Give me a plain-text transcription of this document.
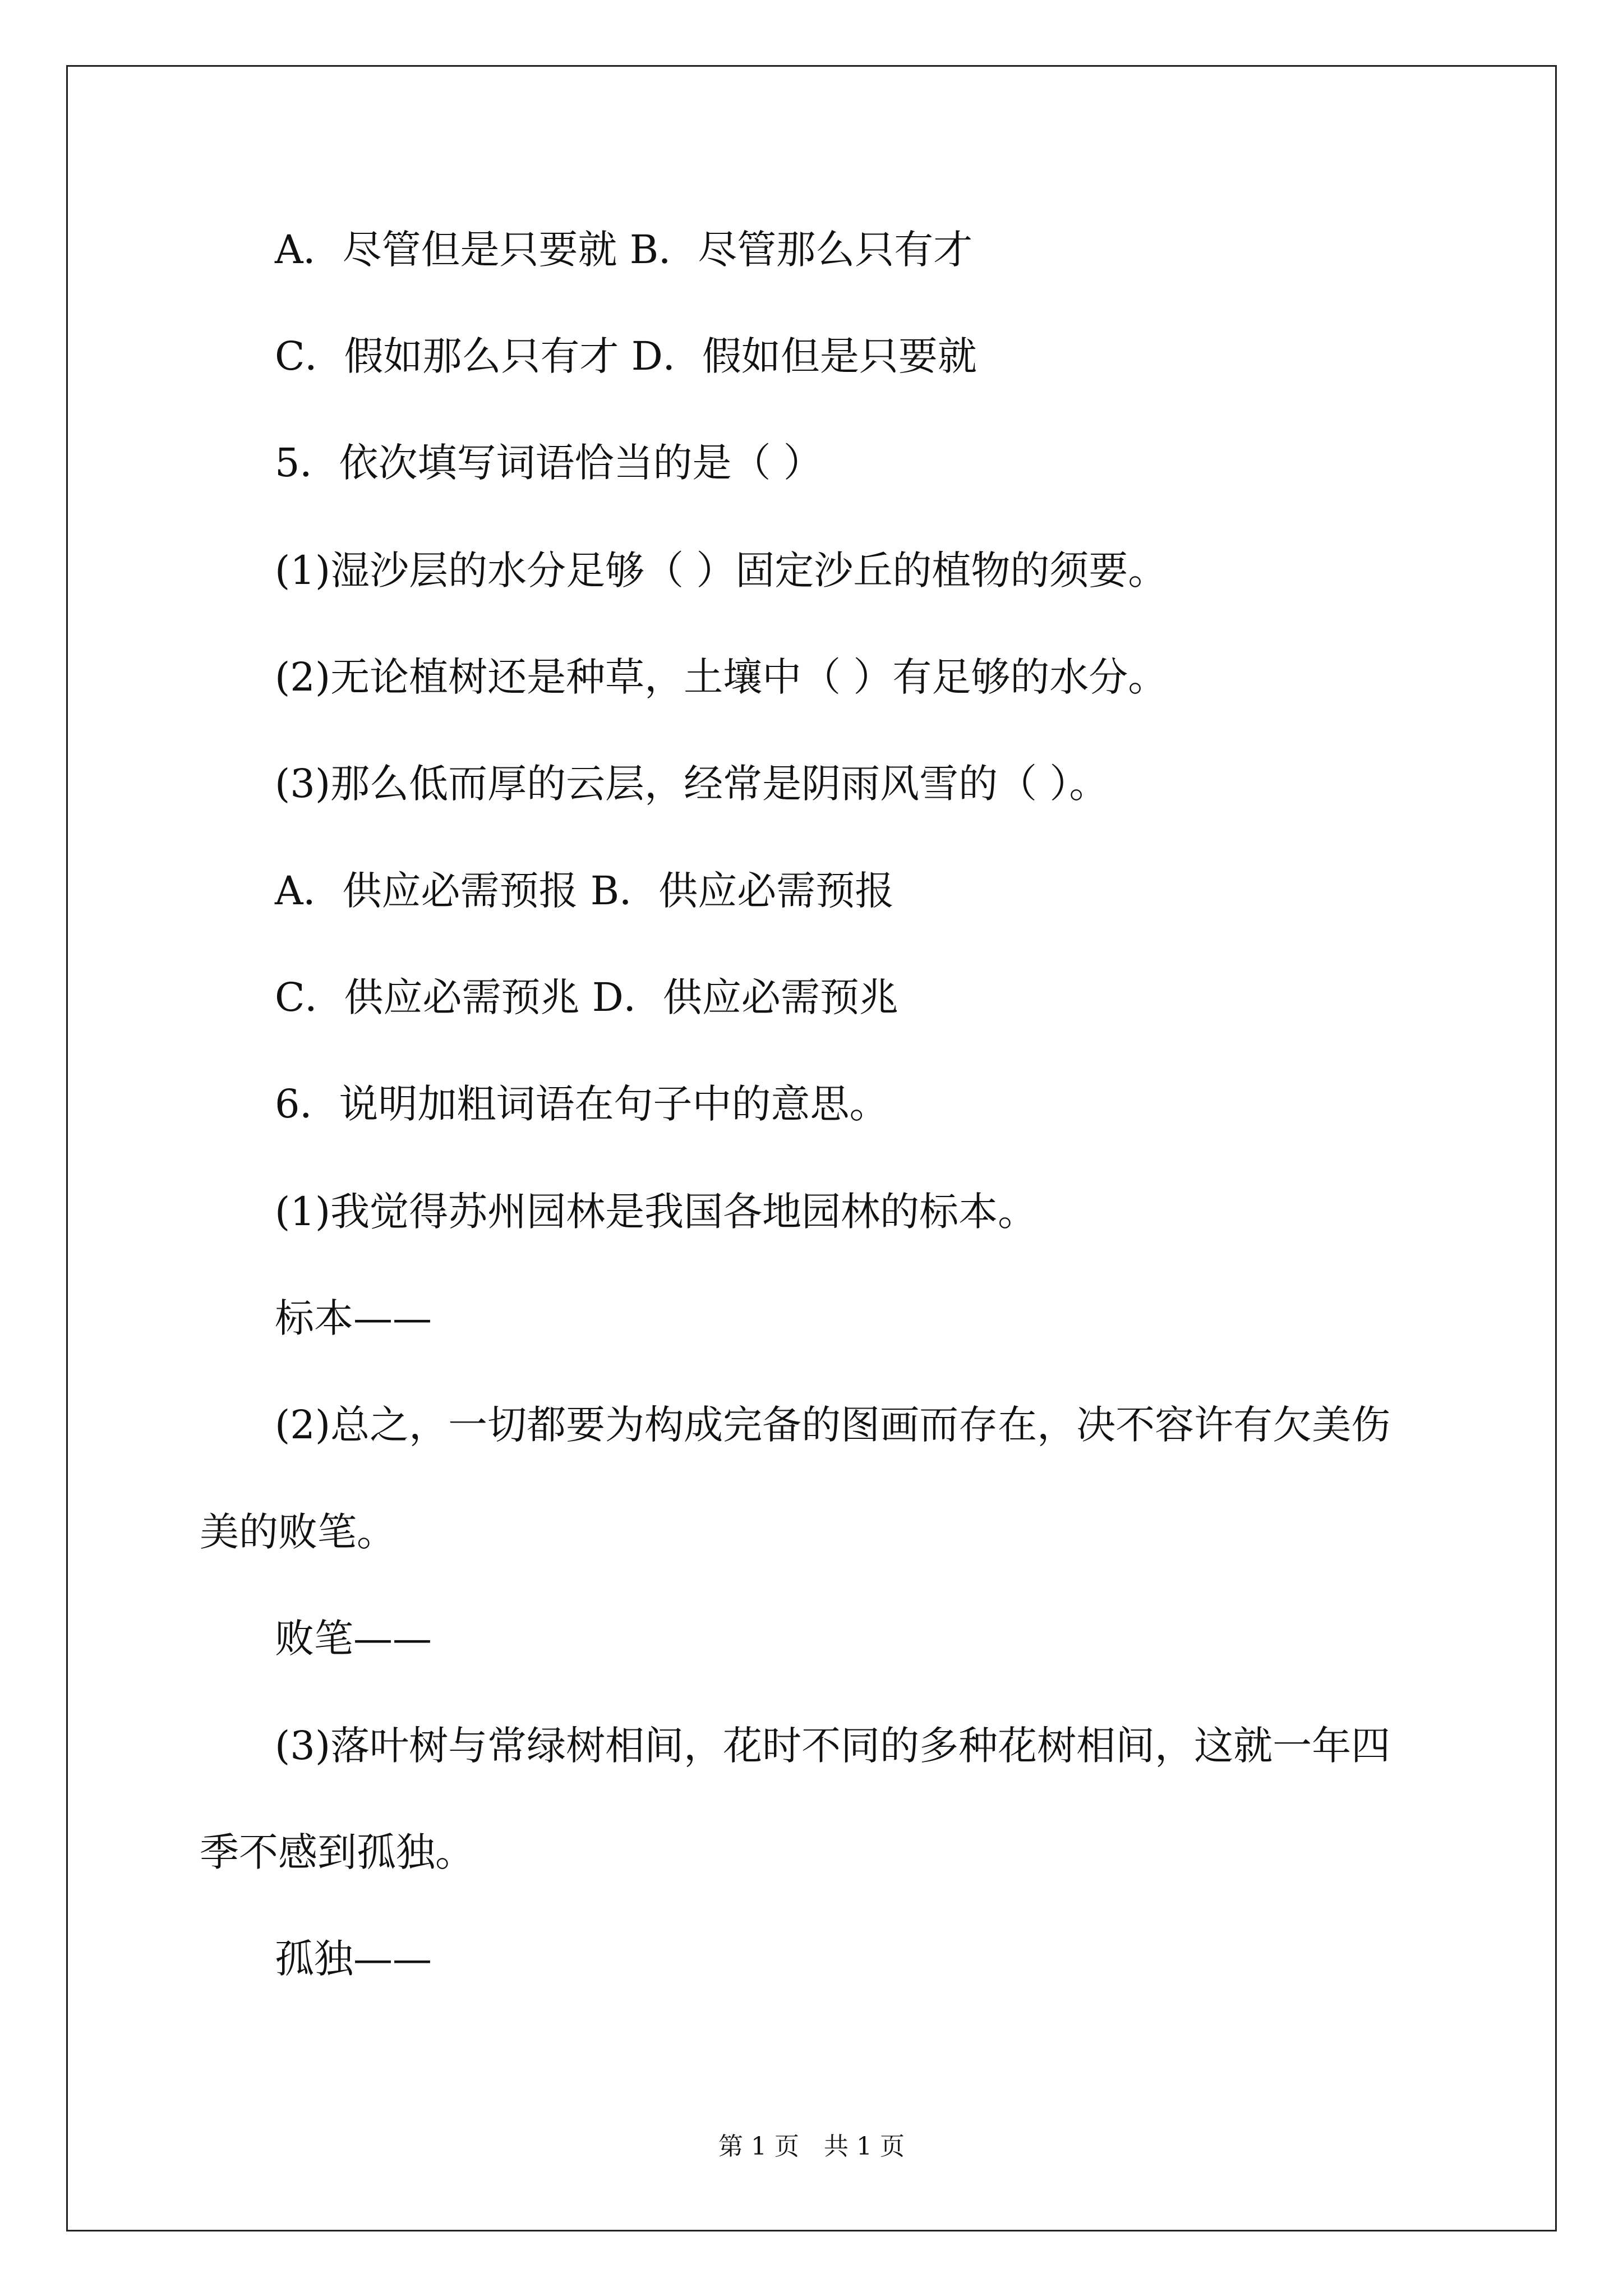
A．尽管但是只要就 B．尽管那么只有才

C．假如那么只有才 D．假如但是只要就

5．依次填写词语恰当的是（ ）

(1)湿沙层的水分足够（ ）固定沙丘的植物的须要。

(2)无论植树还是种草，土壤中（ ）有足够的水分。

(3)那么低而厚的云层，经常是阴雨风雪的（ ）。

A．供应必需预报 B．供应必需预报

C．供应必需预兆 D．供应必需预兆

6．说明加粗词语在句子中的意思。

(1)我觉得苏州园林是我国各地园林的标本。

标本——

(2)总之，一切都要为构成完备的图画而存在，决不容许有欠美伤

美的败笔。

败笔——

(3)落叶树与常绿树相间，花时不同的多种花树相间，这就一年四

季不感到孤独。

孤独——

第 1 页　共 1 页
